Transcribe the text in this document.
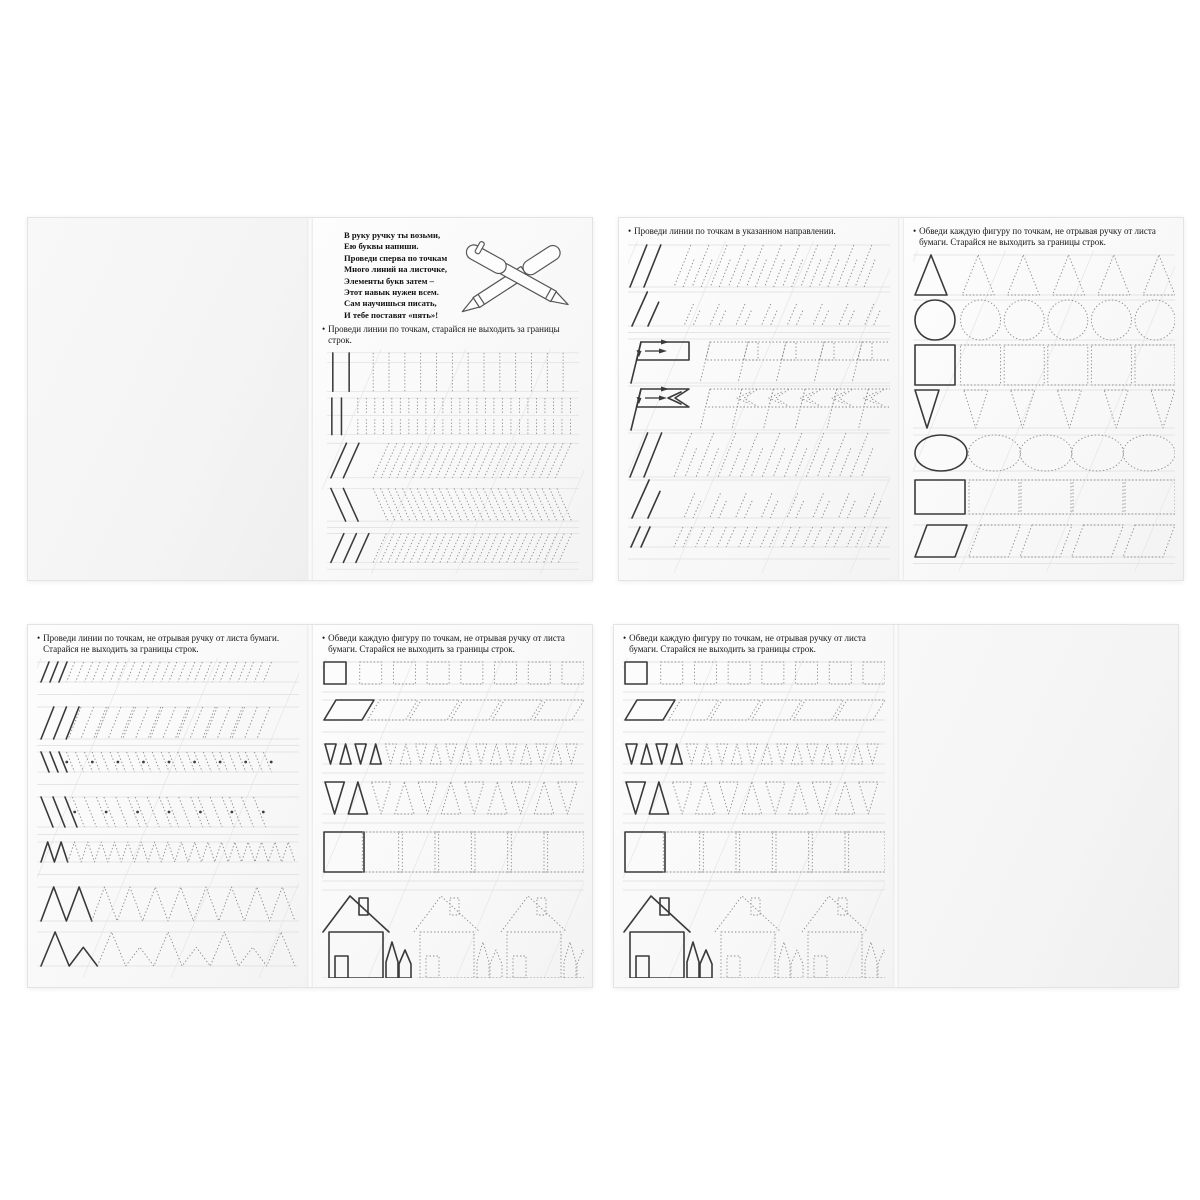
В руку ручку ты возьми,
Ею буквы напиши.
Проведи сперва по точкам
Много линий на листочке,
Элементы букв затем –
Этот навык нужен всем.
Сам научишься писать,
И тебе поставят «пять»!
• Проведи линии по точкам, старайся не выходить за границы строк.
• Проведи линии по точкам в указанном направлении.	• Обведи каждую фигуру по точкам, не отрывая ручку от листа бумаги. Старайся не выходить за границы строк.
• Проведи линии по точкам, не отрывая ручку от листа бумаги. Старайся не выходить за границы строк.
• Обведи каждую фигуру по точкам, не отрывая ручку от листа бумаги. Старайся не выходить за границы строк.
• Обведи каждую фигуру по точкам, не отрывая ручку от листа бумаги. Старайся не выходить за границы строк.
